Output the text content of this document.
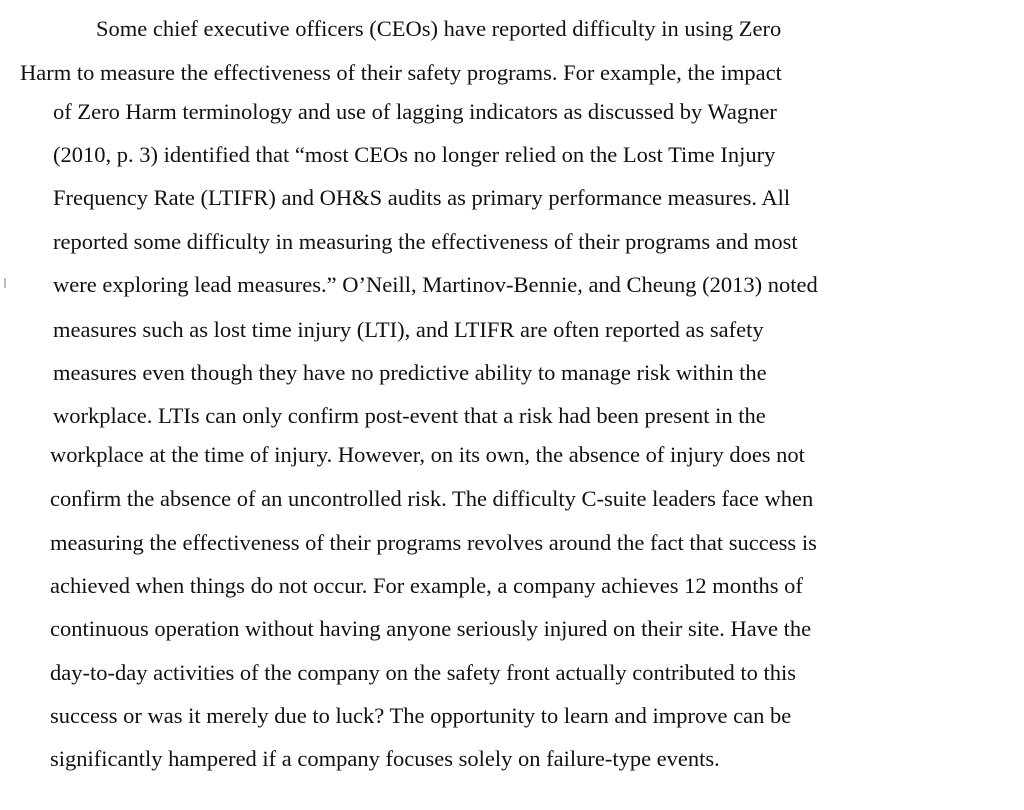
Some chief executive officers (CEOs) have reported difficulty in using Zero
Harm to measure the effectiveness of their safety programs. For example, the impact
of Zero Harm terminology and use of lagging indicators as discussed by Wagner
(2010, p. 3) identified that “most CEOs no longer relied on the Lost Time Injury
Frequency Rate (LTIFR) and OH&S audits as primary performance measures. All
reported some difficulty in measuring the effectiveness of their programs and most
were exploring lead measures.” O’Neill, Martinov-Bennie, and Cheung (2013) noted
measures such as lost time injury (LTI), and LTIFR are often reported as safety
measures even though they have no predictive ability to manage risk within the
workplace. LTIs can only confirm post-event that a risk had been present in the
workplace at the time of injury. However, on its own, the absence of injury does not
confirm the absence of an uncontrolled risk. The difficulty C-suite leaders face when
measuring the effectiveness of their programs revolves around the fact that success is
achieved when things do not occur. For example, a company achieves 12 months of
continuous operation without having anyone seriously injured on their site. Have the
day-to-day activities of the company on the safety front actually contributed to this
success or was it merely due to luck? The opportunity to learn and improve can be
significantly hampered if a company focuses solely on failure-type events.
